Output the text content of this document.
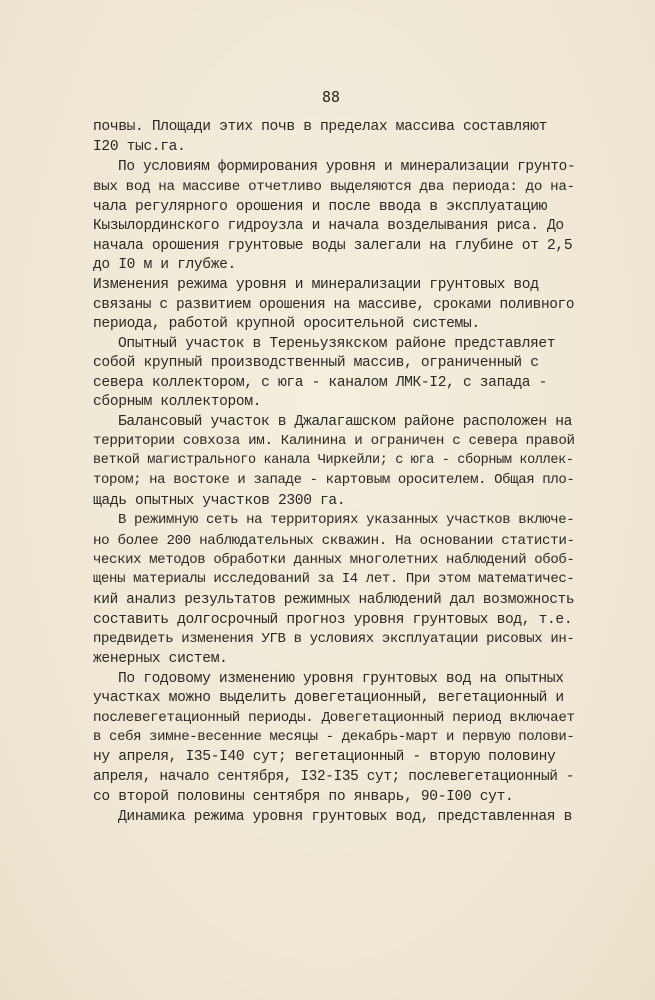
88
почвы. Площади этих почв в пределах массива составляют
I20 тыс.га.
По условиям формирования уровня и минерализации грунто-
вых вод на массиве отчетливо выделяются два периода: до на-
чала регулярного орошения и после ввода в эксплуатацию
Кызылординского гидроузла и начала возделывания риса. До
начала орошения грунтовые воды залегали на глубине от 2,5
до I0 м и глубже.
Изменения режима уровня и минерализации грунтовых вод
связаны с развитием орошения на массиве, сроками поливного
периода, работой крупной оросительной системы.
Опытный участок в Тереньузякском районе представляет
собой крупный производственный массив, ограниченный с
севера коллектором, с юга - каналом ЛМК-I2, с запада -
сборным коллектором.
Балансовый участок в Джалагашском районе расположен на
территории совхоза им. Калинина и ограничен с севера правой
веткой магистрального канала Чиркейли; с юга - сборным коллек-
тором; на востоке и западе - картовым оросителем. Общая пло-
щадь опытных участков 2300 га.
В режимную сеть на территориях указанных участков включе-
но более 200 наблюдательных скважин. На основании статисти-
ческих методов обработки данных многолетних наблюдений обоб-
щены материалы исследований за I4 лет. При этом математичес-
кий анализ результатов режимных наблюдений дал возможность
составить долгосрочный прогноз уровня грунтовых вод, т.е.
предвидеть изменения УГВ в условиях эксплуатации рисовых ин-
женерных систем.
По годовому изменению уровня грунтовых вод на опытных
участках можно выделить довегетационный, вегетационный и
послевегетационный периоды. Довегетационный период включает
в себя зимне-весенние месяцы - декабрь-март и первую полови-
ну апреля, I35-I40 сут; вегетационный - вторую половину
апреля, начало сентября, I32-I35 сут; послевегетационный -
со второй половины сентября по январь, 90-I00 сут.
Динамика режима уровня грунтовых вод, представленная в
